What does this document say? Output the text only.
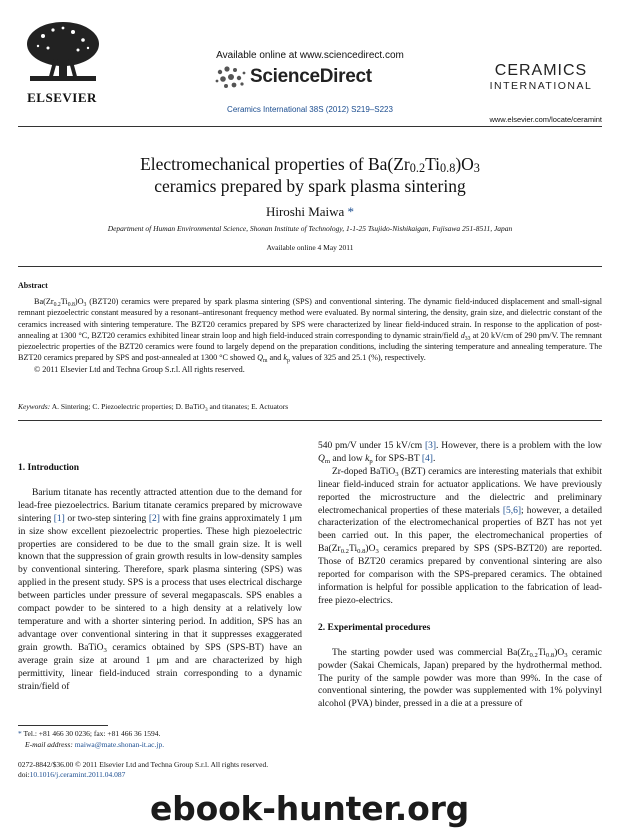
ELSEVIER
Available online at www.sciencedirect.com
ScienceDirect
Ceramics International 38S (2012) S219–S223
CERAMICS
INTERNATIONAL
www.elsevier.com/locate/ceramint
Electromechanical properties of $Ba(Zr_{0.2}Ti_{0.8})O_3$
ceramics prepared by spark plasma sintering
Hiroshi Maiwa *
Department of Human Environmental Science, Shonan Institute of Technology, 1-1-25 Tsujido-Nishikaigan, Fujisawa 251-8511, Japan
Available online 4 May 2011
Abstract

$Ba(Zr_{0.2}Ti_{0.8})O_3$ (BZT20) ceramics were prepared by spark plasma sintering (SPS) and conventional sintering. The dynamic field-induced displacement and small-signal remnant piezoelectric constant measured by a resonant–antiresonant frequency method were evaluated. By normal sintering, the density, grain size, and dielectric constant of the ceramics increased with sintering temperature. The BZT20 ceramics prepared by SPS were characterized by linear field-induced strain. In response to the application of post-annealing at 1300 °C, BZT20 ceramics exhibited linear strain loop and high field-induced strain corresponding to dynamic strain/field $d_{33}$ at 20 kV/cm of 290 pm/V. The remnant piezoelectric properties of the BZT20 ceramics were found to largely depend on the preparation conditions, including the sintering temperature and annealing temperature. The BZT20 ceramics prepared by SPS and post-annealed at 1300 °C showed $Q_m$ and $k_p$ values of 325 and 25.1 (%), respectively.

© 2011 Elsevier Ltd and Techna Group S.r.l. All rights reserved.

Keywords: A. Sintering; C. Piezoelectric properties; D. BaTiO$_3$ and titanates; E. Actuators

1. Introduction

Barium titanate has recently attracted attention due to the demand for lead-free piezoelectrics. Barium titanate ceramics prepared by microwave sintering [1] or two-step sintering [2] with fine grains approximately 1 μm in size show excellent piezoelectric properties. These high piezoelectric properties are considered to be due to the small grain size. It is well known that the suppression of grain growth results in low-density samples by conventional sintering. Therefore, spark plasma sintering (SPS) was applied in the present study. SPS is a process that uses electrical discharge between particles under pressure of several megapascals. SPS enables a compact powder to be sintered to a high density at a relatively low temperature and with a shorter sintering period. In addition, SPS has an advantage over conventional sintering in that it suppresses exaggerated grain growth. BaTiO$_3$ ceramics obtained by SPS (SPS-BT) have an average grain size at around 1 μm and are characterized by high permittivity, linear field-induced strain corresponding to a dynamic strain/field of

540 pm/V under 15 kV/cm [3]. However, there is a problem with the low $Q_m$ and low $k_p$ for SPS-BT [4].

Zr-doped BaTiO$_3$ (BZT) ceramics are interesting materials that exhibit linear field-induced strain for actuator applications. We have previously reported the microstructure and the dielectric and preliminary electromechanical properties of these materials [5,6]; however, a detailed characterization of the electromechanical properties of BZT has not yet been carried out. In this paper, the electromechanical properties of $Ba(Zr_{0.2}Ti_{0.8})O_3$ ceramics prepared by SPS (SPS-BZT20) are reported. Those of BZT20 ceramics prepared by conventional sintering are also reported for comparison with the SPS-prepared ceramics. The obtained information is helpful for possible application to the fabrication of lead-free piezo-electrics.

2. Experimental procedures

The starting powder used was commercial $Ba(Zr_{0.2}Ti_{0.8})O_3$ ceramic powder (Sakai Chemicals, Japan) prepared by the hydrothermal method. The purity of the sample powder was more than 99%. In the case of conventional sintering, the powder was supplemented with 1% polyvinyl alcohol (PVA) binder, pressed in a die at a pressure of

* Tel.: +81 466 30 0236; fax: +81 466 36 1594.
E-mail address: maiwa@mate.shonan-it.ac.jp.
0272-8842/$36.00 © 2011 Elsevier Ltd and Techna Group S.r.l. All rights reserved.
doi:10.1016/j.ceramint.2011.04.087
ebook-hunter.org
